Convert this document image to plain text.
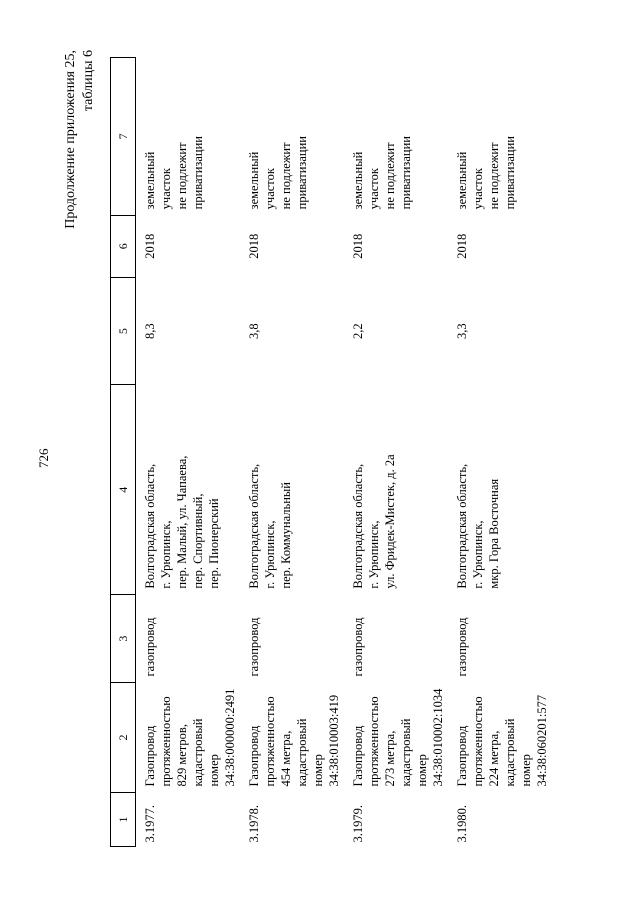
726
Продолжение приложения 25, таблицы 6
1	2	3	4	5	6	7
3.1977.	Газопровод
протяженностью
829 метров,
кадастровый номер
34:38:000000:2491	газопровод	Волгоградская область,
г. Урюпинск,
пер. Малый, ул. Чапаева,
пер. Спортивный,
пер. Пионерский	8,3	2018	земельный
участок
не подлежит
приватизации
3.1978.	Газопровод
протяженностью
454 метра,
кадастровый номер
34:38:010003:419	газопровод	Волгоградская область,
г. Урюпинск,
пер. Коммунальный	3,8	2018	земельный
участок
не подлежит
приватизации
3.1979.	Газопровод
протяженностью
273 метра,
кадастровый номер
34:38:010002:1034	газопровод	Волгоградская область,
г. Урюпинск,
ул. Фридек-Мистек, д. 2а	2,2	2018	земельный
участок
не подлежит
приватизации
3.1980.	Газопровод
протяженностью
224 метра,
кадастровый номер
34:38:060201:577	газопровод	Волгоградская область,
г. Урюпинск,
мкр. Гора Восточная	3,3	2018	земельный
участок
не подлежит
приватизации
